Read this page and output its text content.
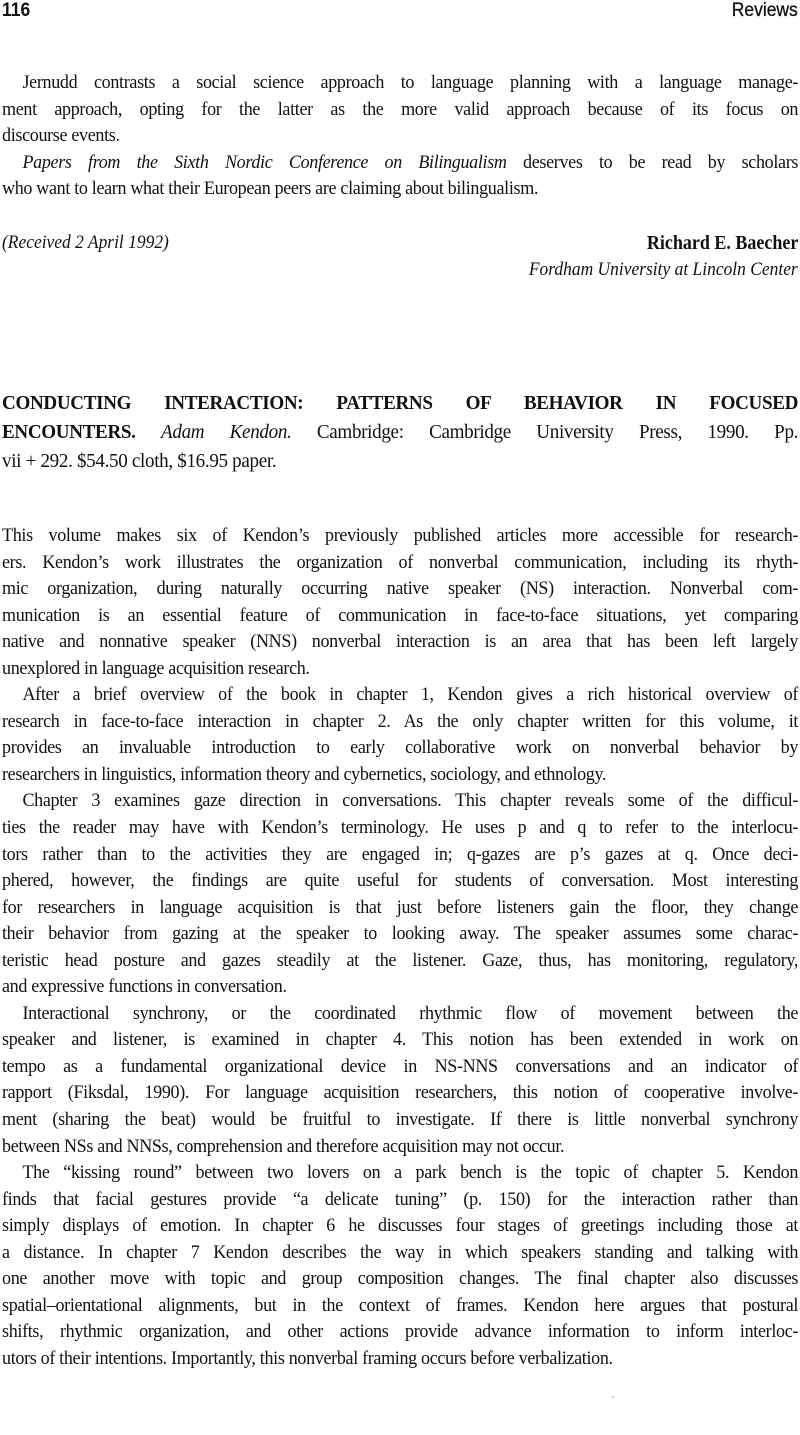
116	Reviews
Jernudd contrasts a social science approach to language planning with a language manage-
ment approach, opting for the latter as the more valid approach because of its focus on
discourse events.
Papers from the Sixth Nordic Conference on Bilingualism deserves to be read by scholars
who want to learn what their European peers are claiming about bilingualism.
(Received 2 April 1992)	Richard E. Baecher
Fordham University at Lincoln Center
CONDUCTING INTERACTION: PATTERNS OF BEHAVIOR IN FOCUSED
ENCOUNTERS. Adam Kendon. Cambridge: Cambridge University Press, 1990. Pp.
vii + 292. $54.50 cloth, $16.95 paper.
This volume makes six of Kendon’s previously published articles more accessible for research-
ers. Kendon’s work illustrates the organization of nonverbal communication, including its rhyth-
mic organization, during naturally occurring native speaker (NS) interaction. Nonverbal com-
munication is an essential feature of communication in face-to-face situations, yet comparing
native and nonnative speaker (NNS) nonverbal interaction is an area that has been left largely
unexplored in language acquisition research.
After a brief overview of the book in chapter 1, Kendon gives a rich historical overview of
research in face-to-face interaction in chapter 2. As the only chapter written for this volume, it
provides an invaluable introduction to early collaborative work on nonverbal behavior by
researchers in linguistics, information theory and cybernetics, sociology, and ethnology.
Chapter 3 examines gaze direction in conversations. This chapter reveals some of the difficul-
ties the reader may have with Kendon’s terminology. He uses p and q to refer to the interlocu-
tors rather than to the activities they are engaged in; q-gazes are p’s gazes at q. Once deci-
phered, however, the findings are quite useful for students of conversation. Most interesting
for researchers in language acquisition is that just before listeners gain the floor, they change
their behavior from gazing at the speaker to looking away. The speaker assumes some charac-
teristic head posture and gazes steadily at the listener. Gaze, thus, has monitoring, regulatory,
and expressive functions in conversation.
Interactional synchrony, or the coordinated rhythmic flow of movement between the
speaker and listener, is examined in chapter 4. This notion has been extended in work on
tempo as a fundamental organizational device in NS-NNS conversations and an indicator of
rapport (Fiksdal, 1990). For language acquisition researchers, this notion of cooperative involve-
ment (sharing the beat) would be fruitful to investigate. If there is little nonverbal synchrony
between NSs and NNSs, comprehension and therefore acquisition may not occur.
The “kissing round” between two lovers on a park bench is the topic of chapter 5. Kendon
finds that facial gestures provide “a delicate tuning” (p. 150) for the interaction rather than
simply displays of emotion. In chapter 6 he discusses four stages of greetings including those at
a distance. In chapter 7 Kendon describes the way in which speakers standing and talking with
one another move with topic and group composition changes. The final chapter also discusses
spatial–orientational alignments, but in the context of frames. Kendon here argues that postural
shifts, rhythmic organization, and other actions provide advance information to inform interloc-
utors of their intentions. Importantly, this nonverbal framing occurs before verbalization.
